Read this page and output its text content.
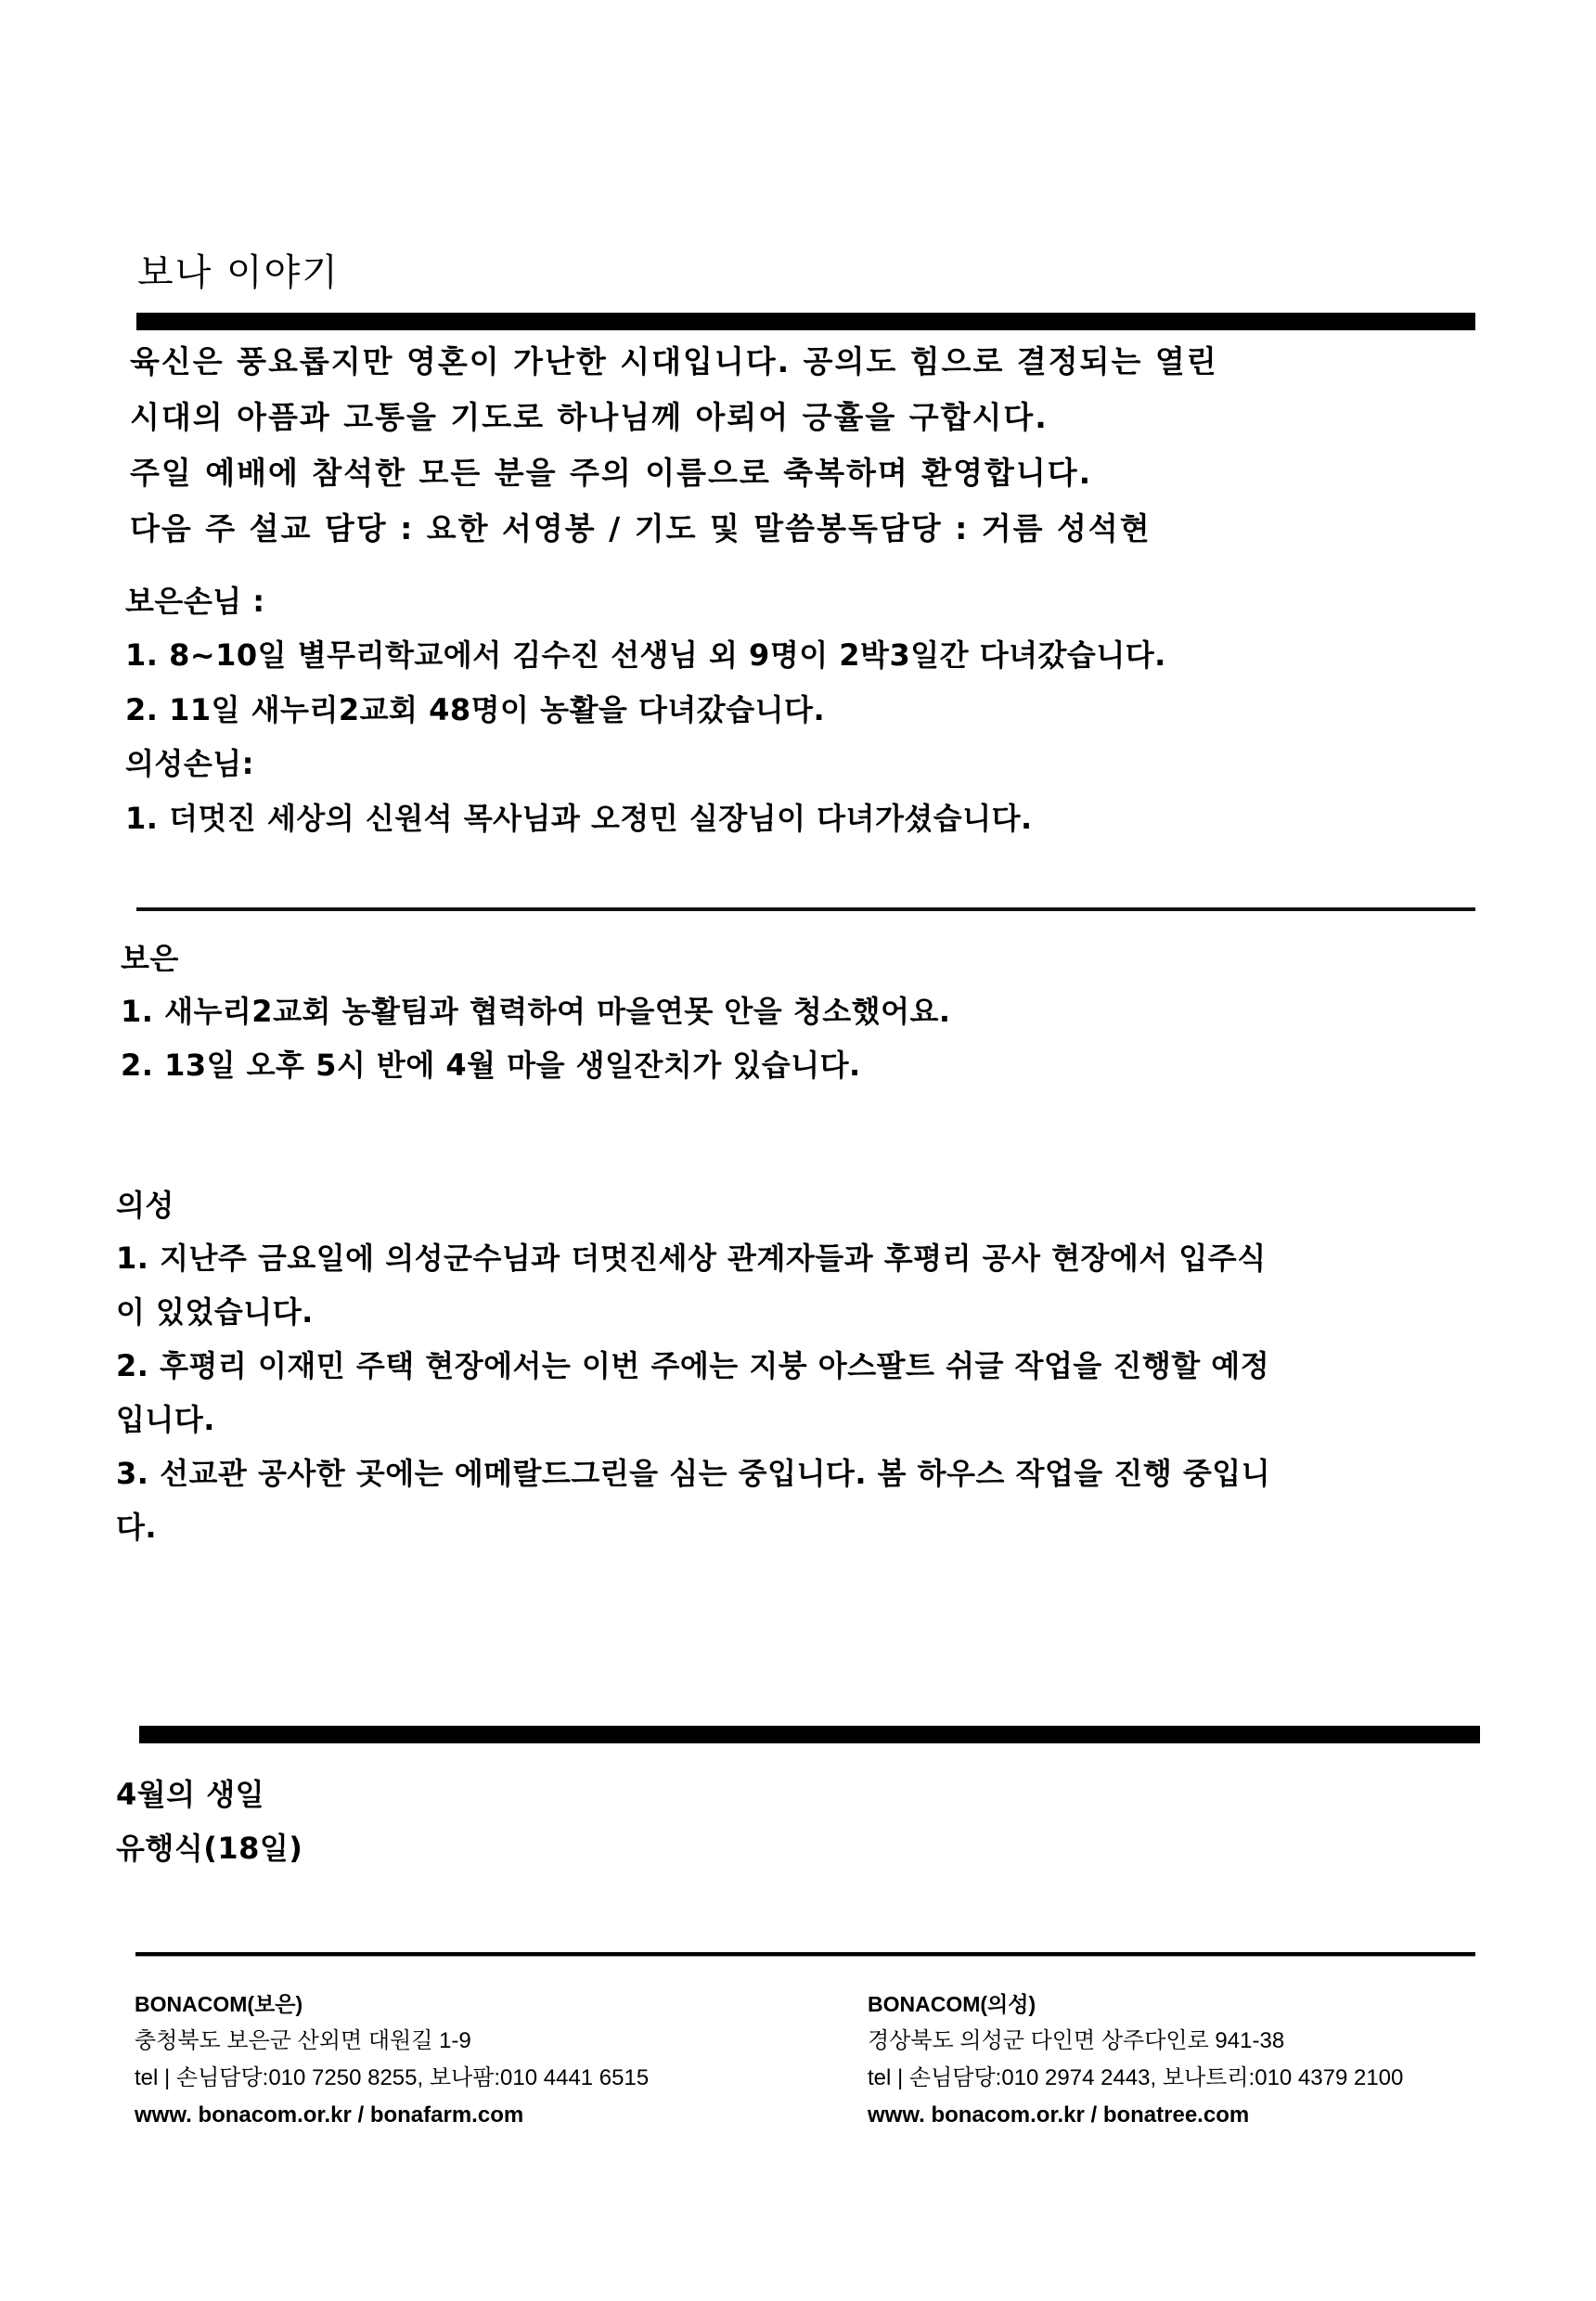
보나 이야기
육신은 풍요롭지만 영혼이 가난한 시대입니다. 공의도 힘으로 결정되는 열린
시대의 아픔과 고통을 기도로 하나님께 아뢰어 긍휼을 구합시다.
주일 예배에 참석한 모든 분을 주의 이름으로 축복하며 환영합니다.
다음 주 설교 담당 : 요한 서영봉 / 기도 및 말씀봉독담당 : 거름 성석현
보은손님 :
1. 8~10일 별무리학교에서 김수진 선생님 외 9명이 2박3일간 다녀갔습니다.
2. 11일 새누리2교회 48명이 농활을 다녀갔습니다.
의성손님:
1. 더멋진 세상의 신원석 목사님과 오정민 실장님이 다녀가셨습니다.
보은
1. 새누리2교회 농활팀과 협력하여 마을연못 안을 청소했어요.
2. 13일 오후 5시 반에 4월 마을 생일잔치가 있습니다.
의성
1. 지난주 금요일에 의성군수님과 더멋진세상 관계자들과 후평리 공사 현장에서 입주식
이 있었습니다.
2. 후평리 이재민 주택 현장에서는 이번 주에는 지붕 아스팔트 쉬글 작업을 진행할 예정
입니다.
3. 선교관 공사한 곳에는 에메랄드그린을 심는 중입니다. 봄 하우스 작업을 진행 중입니
다.
4월의 생일
유행식(18일)
BONACOM(보은)
충청북도 보은군 산외면 대원길 1-9
tel | 손님담당:010 7250 8255, 보나팜:010 4441 6515
www. bonacom.or.kr / bonafarm.com
BONACOM(의성)
경상북도 의성군 다인면 상주다인로 941-38
tel | 손님담당:010 2974 2443, 보나트리:010 4379 2100
www. bonacom.or.kr / bonatree.com
